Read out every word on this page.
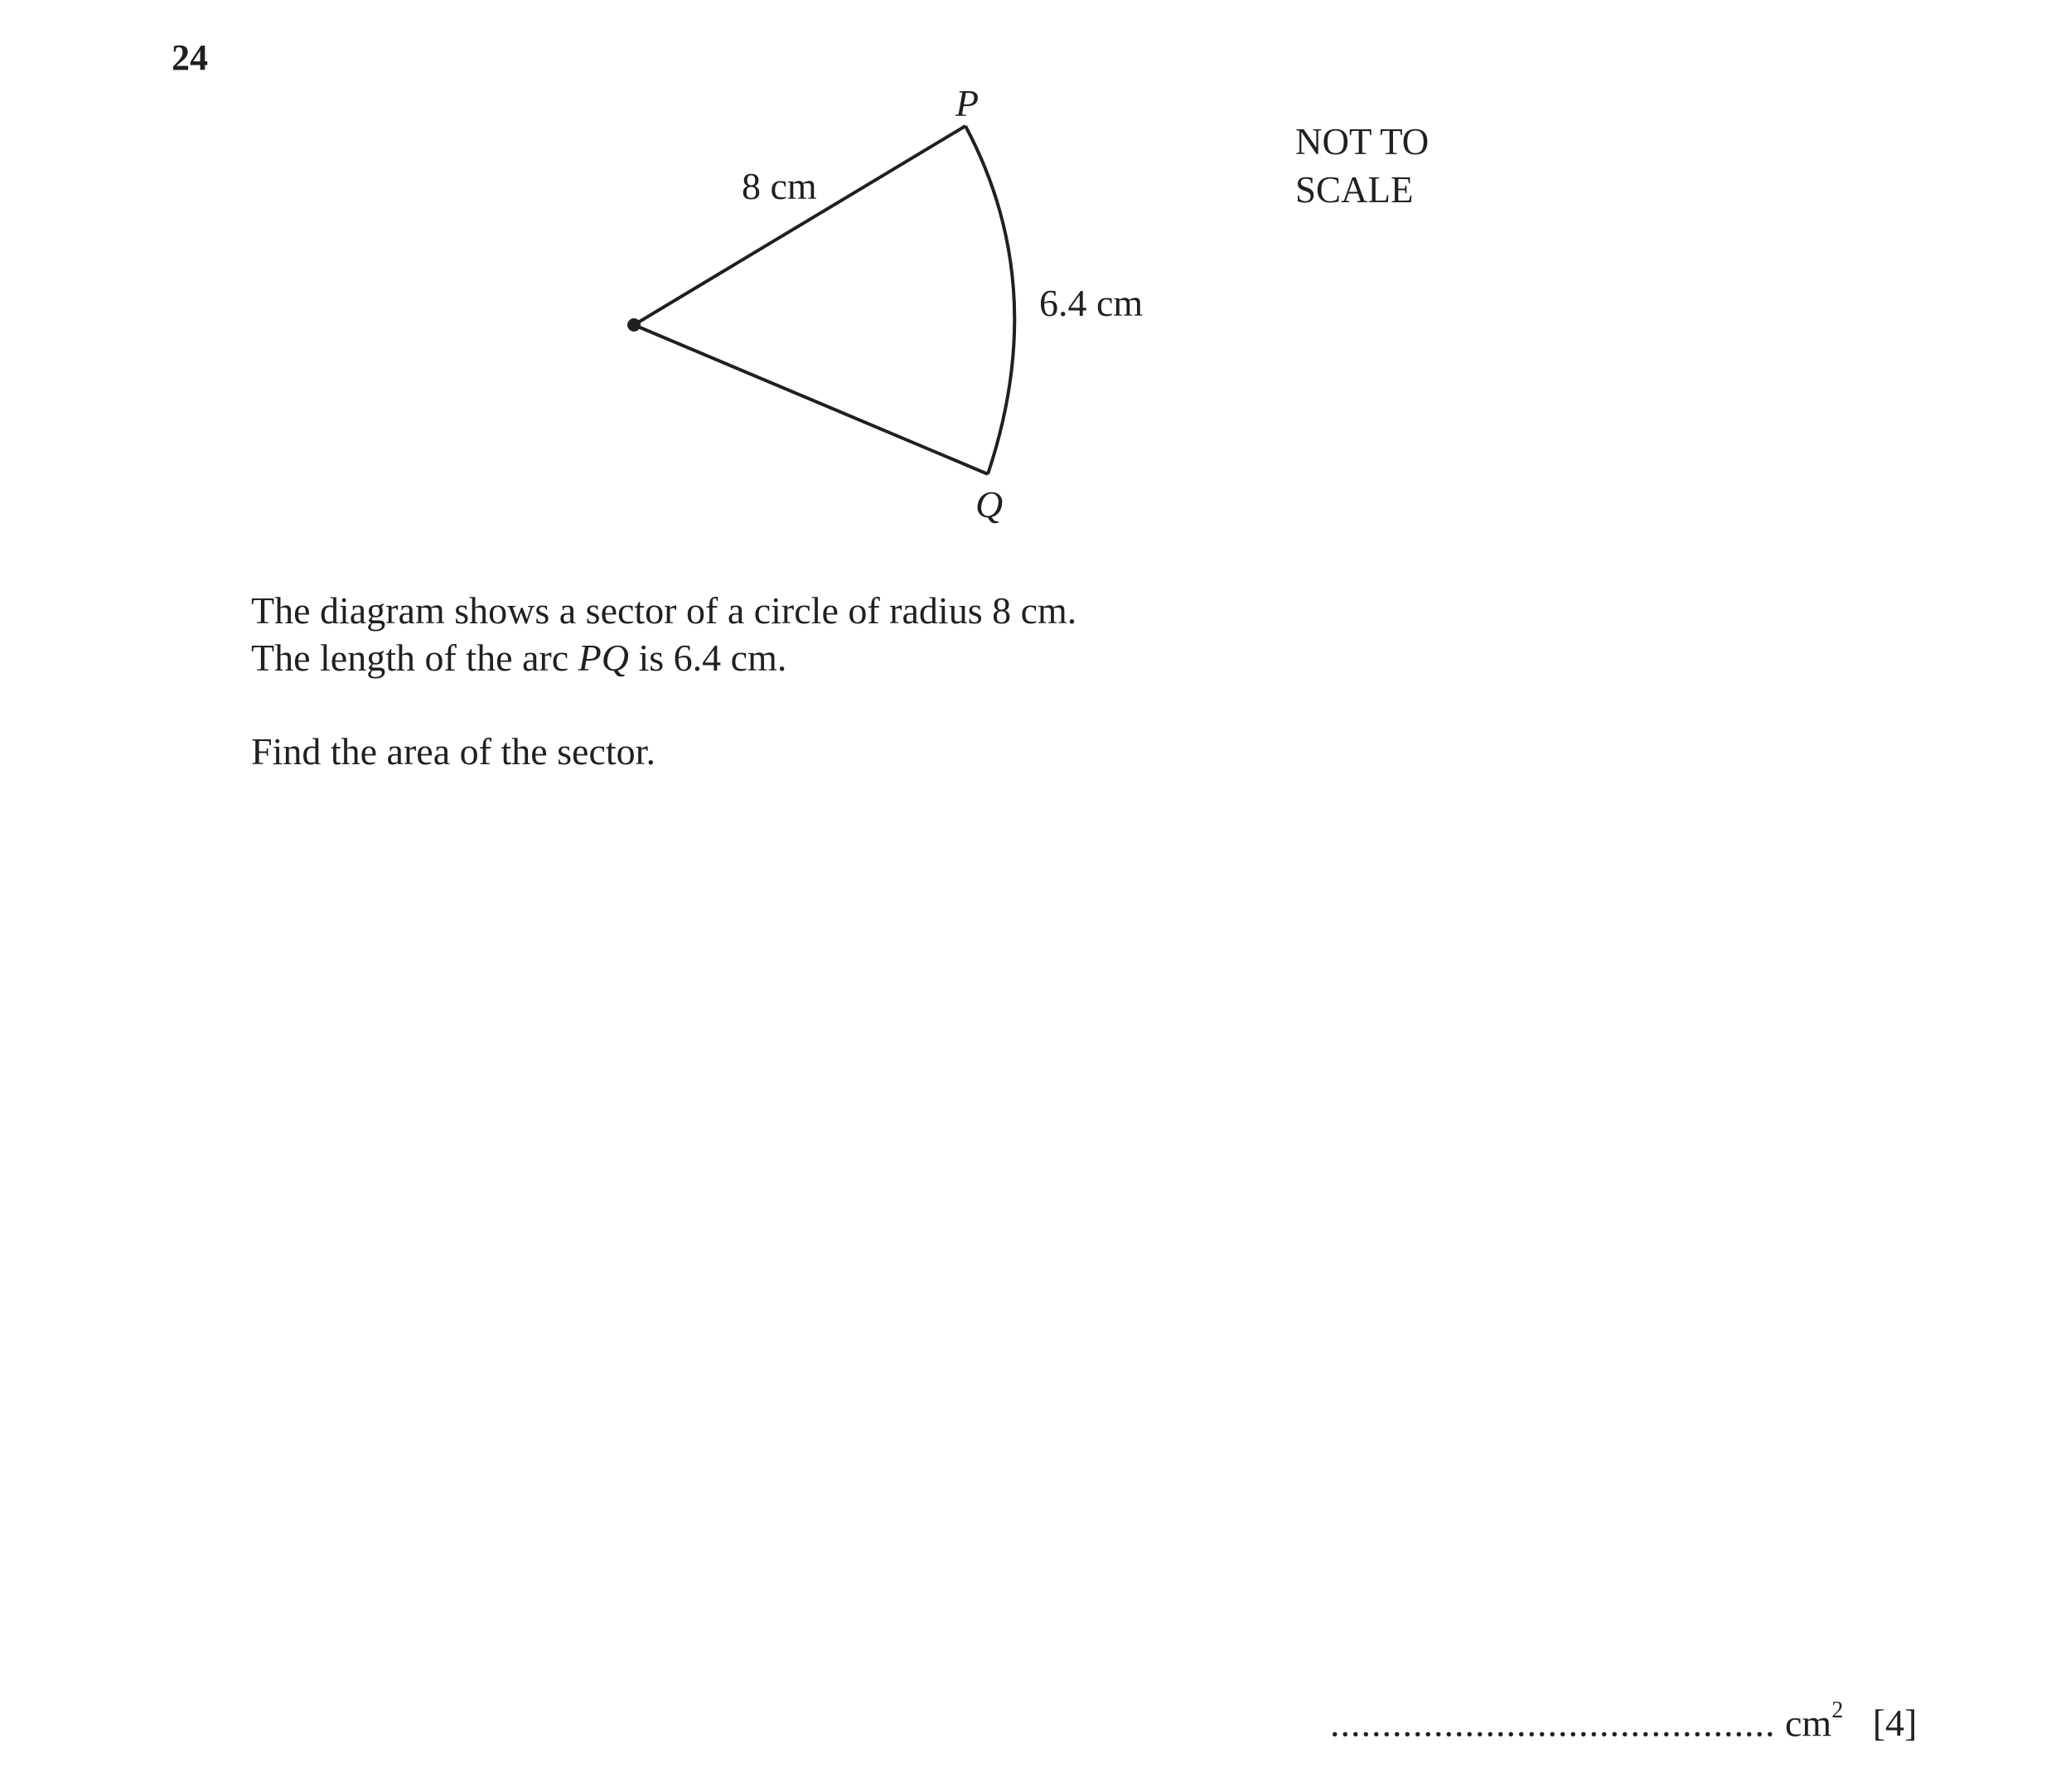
24
P
Q
8 cm
6.4 cm
NOT TO
SCALE

The diagram shows a sector of a circle of radius 8 cm.

The length of the arc PQ is 6.4 cm.

Find the area of the sector.

........................................... $cm^2$ [4]
